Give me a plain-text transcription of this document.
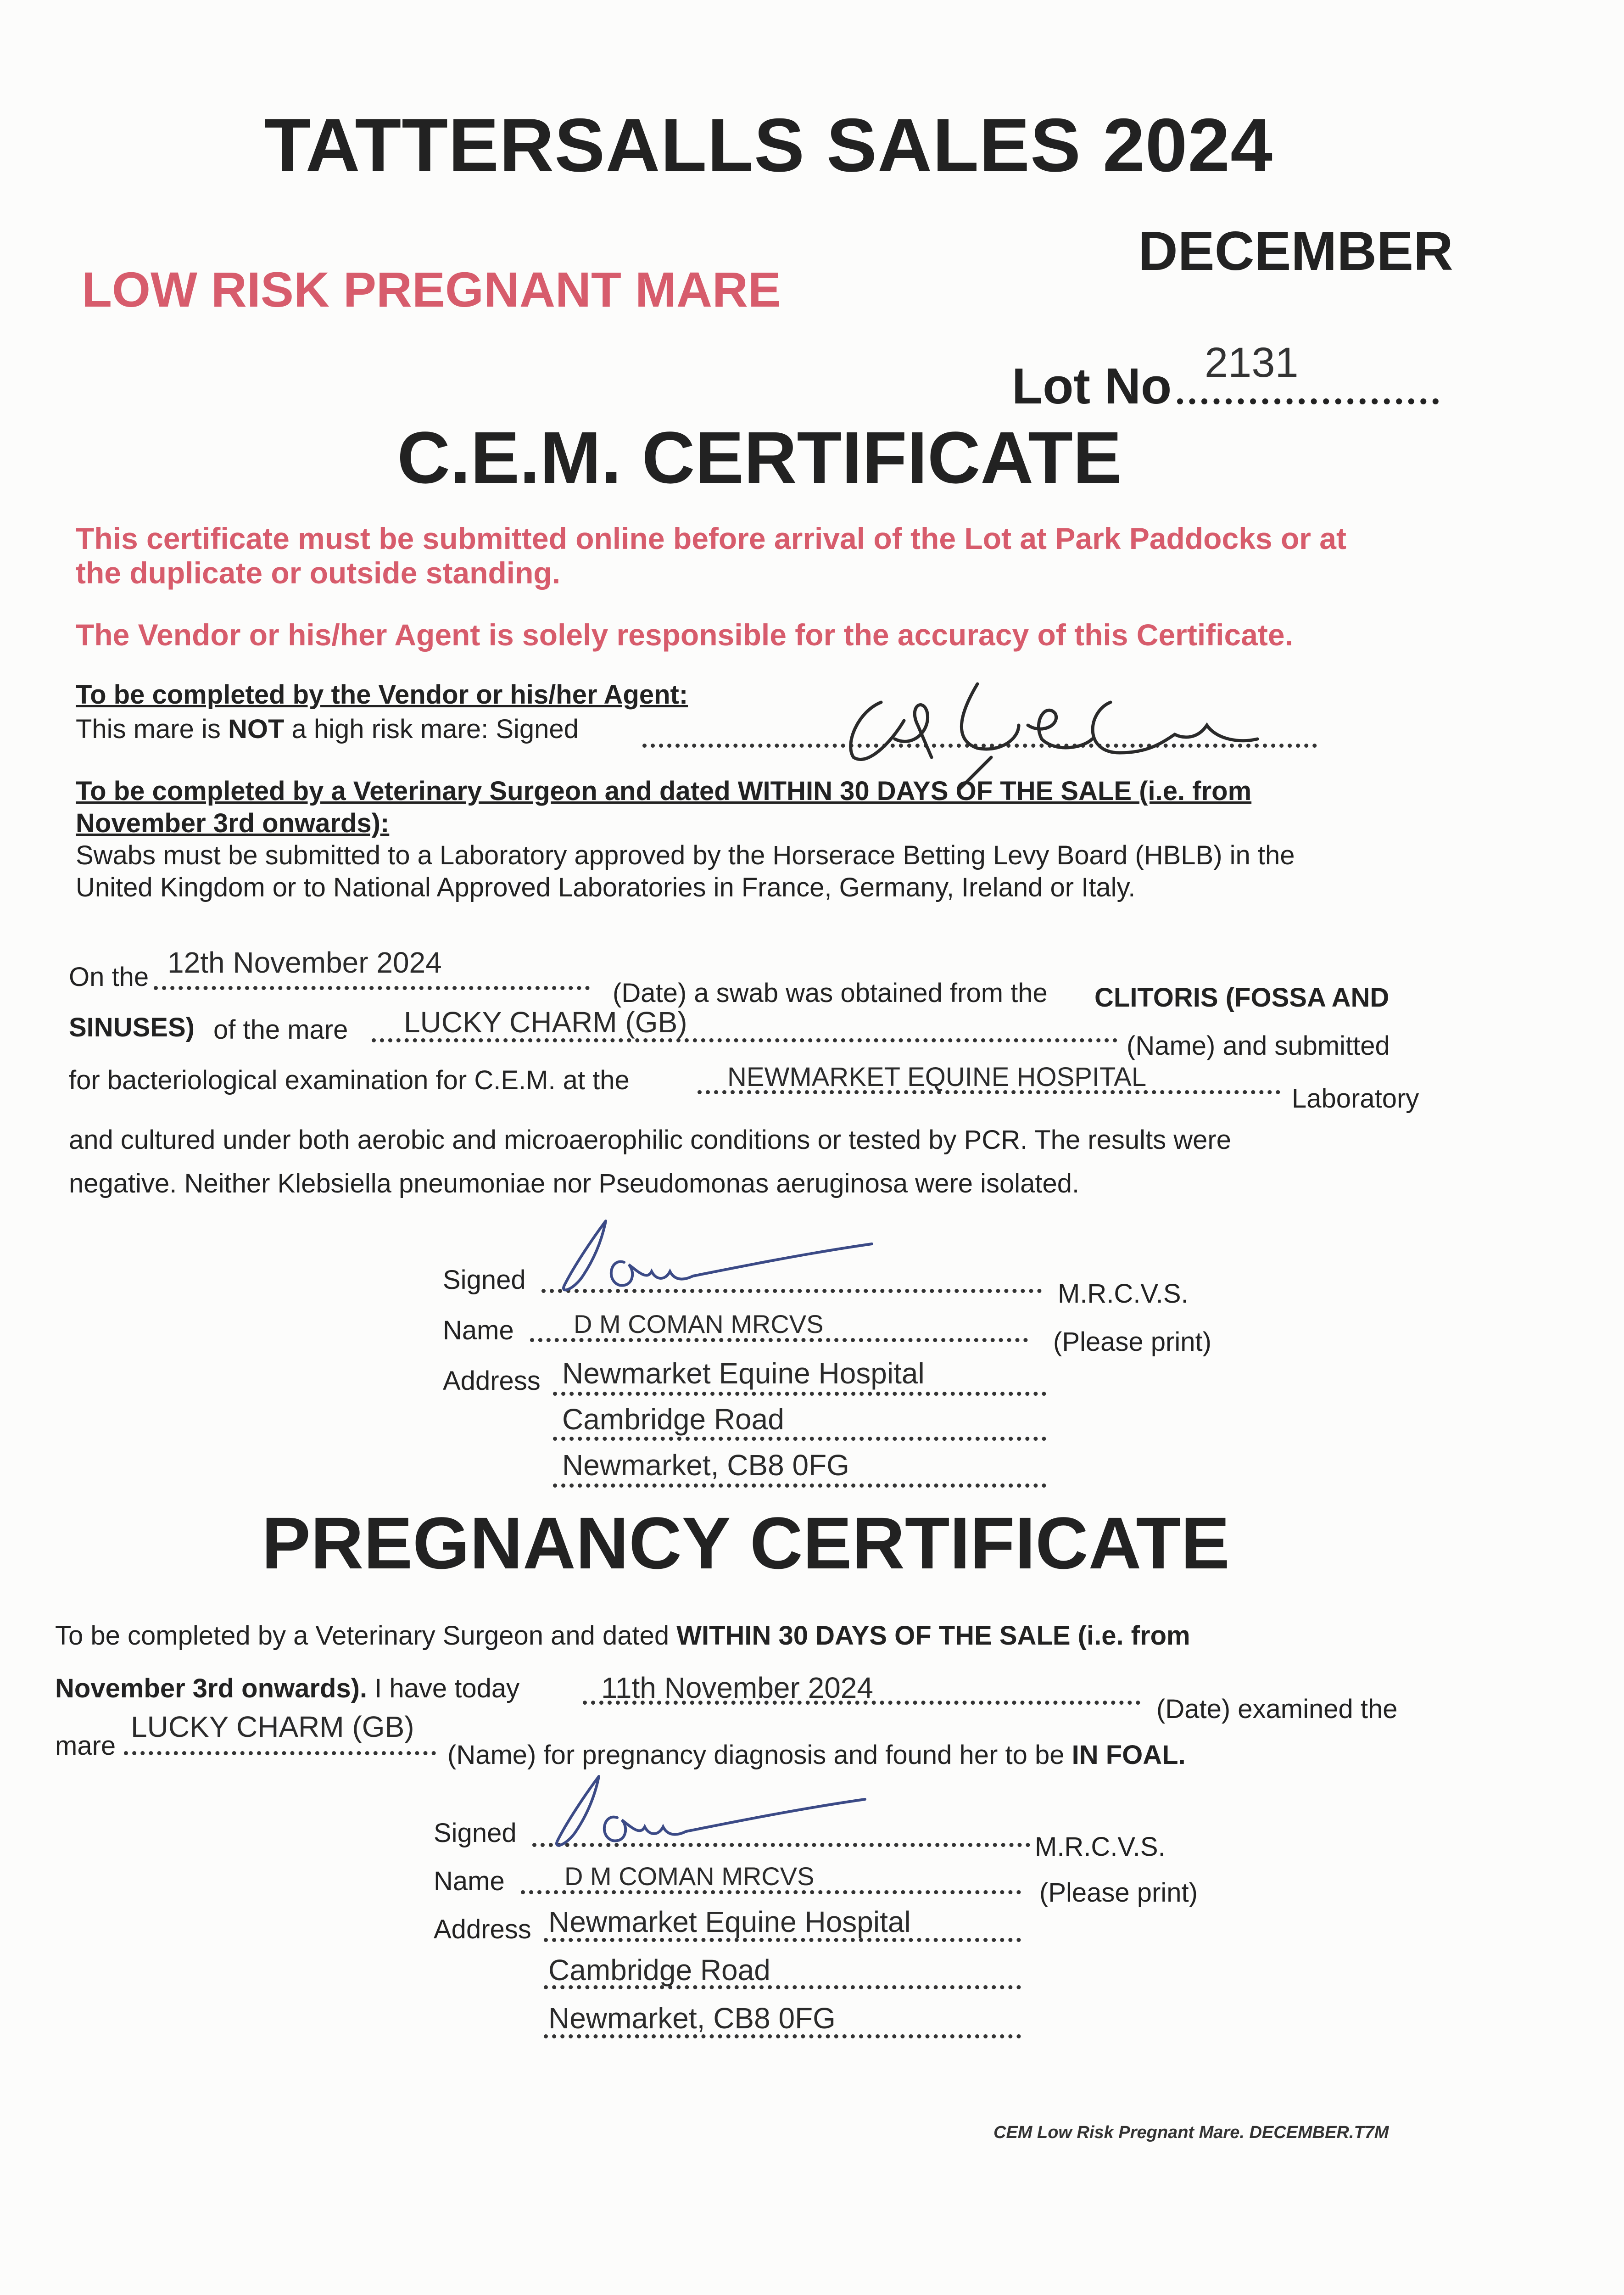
TATTERSALLS SALES 2024
DECEMBER
LOW RISK PREGNANT MARE
Lot No 2131
C.E.M. CERTIFICATE
This certificate must be submitted online before arrival of the Lot at Park Paddocks or at
the duplicate or outside standing.
The Vendor or his/her Agent is solely responsible for the accuracy of this Certificate.
To be completed by the Vendor or his/her Agent:
This mare is NOT a high risk mare: Signed
To be completed by a Veterinary Surgeon and dated WITHIN 30 DAYS OF THE SALE (i.e. from
November 3rd onwards):
Swabs must be submitted to a Laboratory approved by the Horserace Betting Levy Board (HBLB) in the
United Kingdom or to National Approved Laboratories in France, Germany, Ireland or Italy.
On the 12th November 2024
(Date) a swab was obtained from the CLITORIS (FOSSA AND
SINUSES) of the mare LUCKY CHARM (GB)
(Name) and submitted
for bacteriological examination for C.E.M. at the	NEWMARKET EQUINE HOSPITAL
Laboratory
and cultured under both aerobic and microaerophilic conditions or tested by PCR. The results were
negative. Neither Klebsiella pneumoniae nor Pseudomonas aeruginosa were isolated.
Signed	M.R.C.V.S.
Name D M COMAN MRCVS
(Please print)
Address Newmarket Equine Hospital
Cambridge Road
Newmarket, CB8 0FG
PREGNANCY CERTIFICATE
To be completed by a Veterinary Surgeon and dated WITHIN 30 DAYS OF THE SALE (i.e. from
November 3rd onwards). I have today	11th November 2024
(Date) examined the
mare
LUCKY CHARM (GB)
(Name) for pregnancy diagnosis and found her to be IN FOAL.
Signed	M.R.C.V.S.
Name D M COMAN MRCVS
(Please print)
Address Newmarket Equine Hospital
Cambridge Road
Newmarket, CB8 0FG
CEM Low Risk Pregnant Mare. DECEMBER.T7M
